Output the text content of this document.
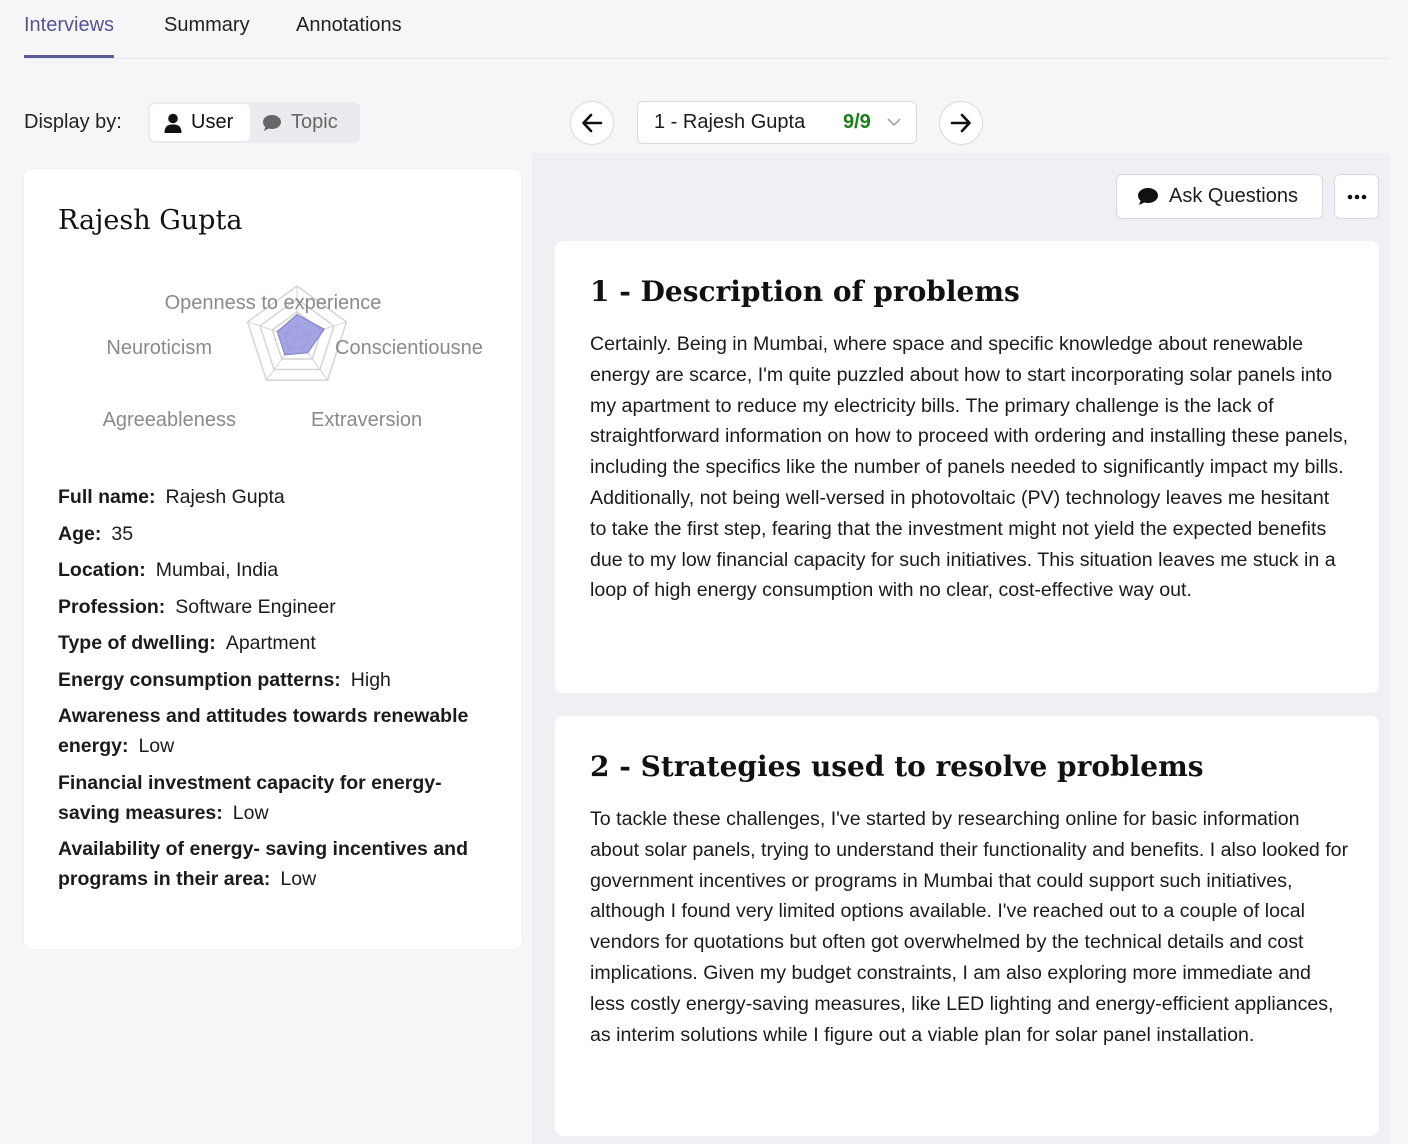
Interviews Summary Annotations
Display by:	User	Topic	1 - Rajesh Gupta 9/9
Rajesh Gupta
Openness to experience
Conscientiousne
Extraversion
Agreeableness
Neuroticism
Full name: Rajesh Gupta
Age: 35
Location: Mumbai, India
Profession: Software Engineer
Type of dwelling: Apartment
Energy consumption patterns: High
Awareness and attitudes towards renewable energy: Low
Financial investment capacity for energy-saving measures: Low
Availability of energy- saving incentives and programs in their area: Low
Ask Questions
1 - Description of problems
Certainly. Being in Mumbai, where space and specific knowledge about renewable energy are scarce, I'm quite puzzled about how to start incorporating solar panels into my apartment to reduce my electricity bills. The primary challenge is the lack of straightforward information on how to proceed with ordering and installing these panels, including the specifics like the number of panels needed to significantly impact my bills. Additionally, not being well-versed in photovoltaic (PV) technology leaves me hesitant to take the first step, fearing that the investment might not yield the expected benefits due to my low financial capacity for such initiatives. This situation leaves me stuck in a loop of high energy consumption with no clear, cost-effective way out.
2 - Strategies used to resolve problems
To tackle these challenges, I've started by researching online for basic information about solar panels, trying to understand their functionality and benefits. I also looked for government incentives or programs in Mumbai that could support such initiatives, although I found very limited options available. I've reached out to a couple of local vendors for quotations but often got overwhelmed by the technical details and cost implications. Given my budget constraints, I am also exploring more immediate and less costly energy-saving measures, like LED lighting and energy-efficient appliances, as interim solutions while I figure out a viable plan for solar panel installation.
